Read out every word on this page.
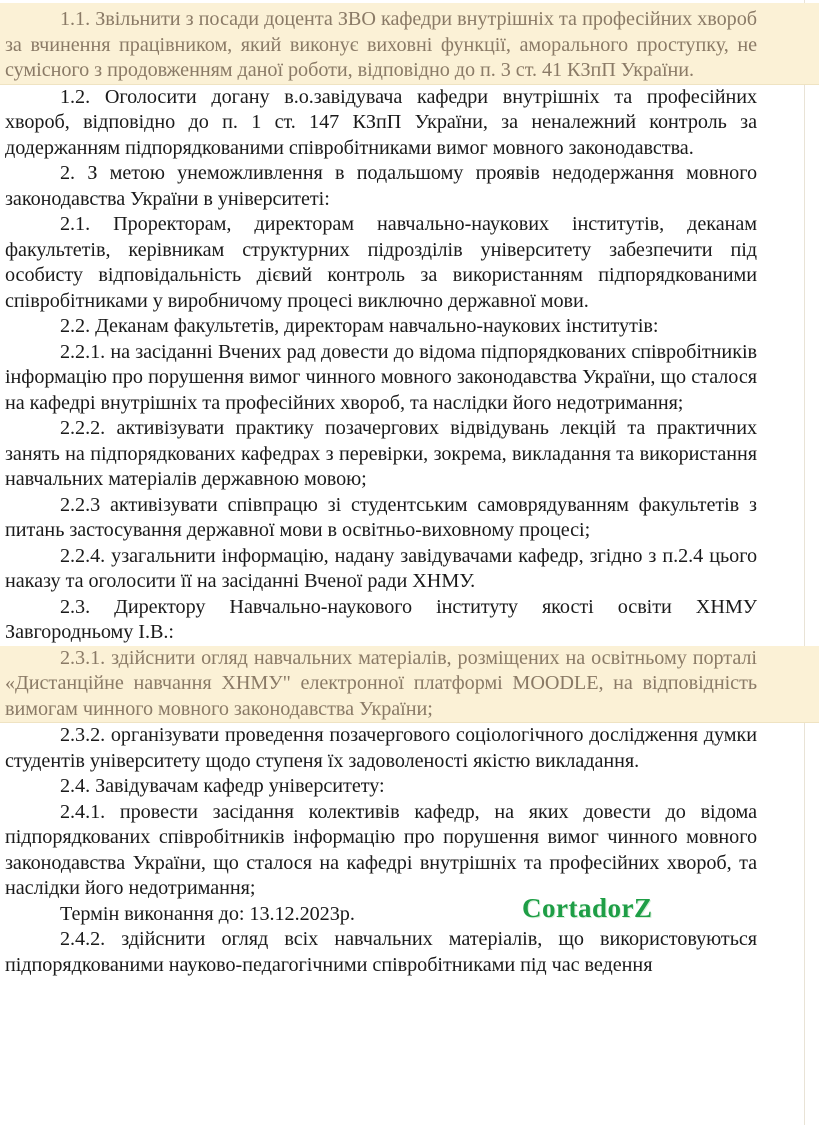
1.1. Звільнити з посади доцента ЗВО кафедри внутрішніх та професійних хвороб за вчинення працівником, який виконує виховні функції, аморального проступку, не сумісного з продовженням даної роботи, відповідно до п. 3 ст. 41 КЗпП України.

1.2. Оголосити догану в.о.завідувача кафедри внутрішніх та професійних хвороб, відповідно до п. 1 ст. 147 КЗпП України, за неналежний контроль за додержанням підпорядкованими співробітниками вимог мовного законодавства.

2. З метою унеможливлення в подальшому проявів недодержання мовного законодавства України в університеті:

2.1. Проректорам, директорам навчально-наукових інститутів, деканам факультетів, керівникам структурних підрозділів університету забезпечити під особисту відповідальність дієвий контроль за використанням підпорядкованими співробітниками у виробничому процесі виключно державної мови.

2.2. Деканам факультетів, директорам навчально-наукових інститутів:

2.2.1. на засіданні Вчених рад довести до відома підпорядкованих співробітників інформацію про порушення вимог чинного мовного законодавства України, що сталося на кафедрі внутрішніх та професійних хвороб, та наслідки його недотримання;

2.2.2. активізувати практику позачергових відвідувань лекцій та практичних занять на підпорядкованих кафедрах з перевірки, зокрема, викладання та використання навчальних матеріалів державною мовою;

2.2.3 активізувати співпрацю зі студентським самоврядуванням факультетів з питань застосування державної мови в освітньо-виховному процесі;

2.2.4. узагальнити інформацію, надану завідувачами кафедр, згідно з п.2.4 цього наказу та оголосити її на засіданні Вченої ради ХНМУ.

2.3. Директору Навчально-наукового інституту якості освіти ХНМУ Завгородньому І.В.:

2.3.1. здійснити огляд навчальних матеріалів, розміщених на освітньому порталі «Дистанційне навчання ХНМУ" електронної платформі MOODLE, на відповідність вимогам чинного мовного законодавства України;

2.3.2. організувати проведення позачергового соціологічного дослідження думки студентів університету щодо ступеня їх задоволеності якістю викладання.

2.4. Завідувачам кафедр університету:

2.4.1. провести засідання колективів кафедр, на яких довести до відома підпорядкованих співробітників інформацію про порушення вимог чинного мовного законодавства України, що сталося на кафедрі внутрішніх та професійних хвороб, та наслідки його недотримання;

Термін виконання до: 13.12.2023р.

2.4.2. здійснити огляд всіх навчальних матеріалів, що використовуються підпорядкованими науково-педагогічними співробітниками під час ведення

CortadorZ
